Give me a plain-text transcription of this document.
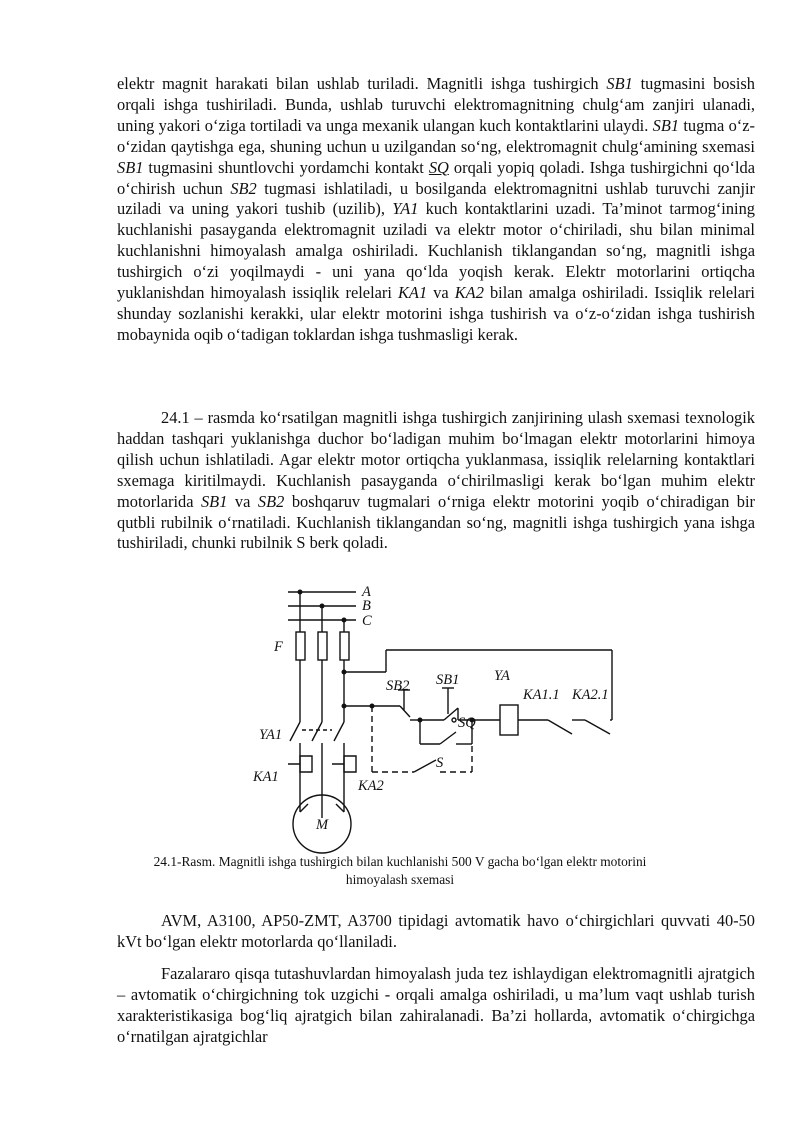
elektr magnit harakati bilan ushlab turiladi. Magnitli ishga tushirgich SB1 tugmasini bosish orqali ishga tushiriladi. Bunda, ushlab turuvchi elektromagnitning chulg‘am zanjiri ulanadi, uning yakori o‘ziga tortiladi va unga mexanik ulangan kuch kontaktlarini ulaydi. SB1 tugma o‘z-o‘zidan qaytishga ega, shuning uchun u uzilgandan so‘ng, elektromagnit chulg‘amining sxemasi SB1 tugmasini shuntlovchi yordamchi kontakt SQ orqali yopiq qoladi. Ishga tushirgichni qo‘lda o‘chirish uchun SB2 tugmasi ishlatiladi, u bosilganda elektromagnitni ushlab turuvchi zanjir uziladi va uning yakori tushib (uzilib), YA1 kuch kontaktlarini uzadi. Ta’minot tarmog‘ining kuchlanishi pasayganda elektromagnit uziladi va elektr motor o‘chiriladi, shu bilan minimal kuchlanishni himoyalash amalga oshiriladi. Kuchlanish tiklangandan so‘ng, magnitli ishga tushirgich o‘zi yoqilmaydi - uni yana qo‘lda yoqish kerak. Elektr motorlarini ortiqcha yuklanishdan himoyalash issiqlik relelari KA1 va KA2 bilan amalga oshiriladi. Issiqlik relelari shunday sozlanishi kerakki, ular elektr motorini ishga tushirish va o‘z-o‘zidan ishga tushirish mobaynida oqib o‘tadigan toklardan ishga tushmasligi kerak.

24.1 – rasmda ko‘rsatilgan magnitli ishga tushirgich zanjirining ulash sxemasi texnologik haddan tashqari yuklanishga duchor bo‘ladigan muhim bo‘lmagan elektr motorlarini himoya qilish uchun ishlatiladi. Agar elektr motor ortiqcha yuklanmasa, issiqlik relelarning kontaktlari sxemaga kiritilmaydi. Kuchlanish pasayganda o‘chirilmasligi kerak bo‘lgan muhim elektr motorlarida SB1 va SB2 boshqaruv tugmalari o‘rniga elektr motorini yoqib o‘chiradigan bir qutbli rubilnik o‘rnatiladi. Kuchlanish tiklangandan so‘ng, magnitli ishga tushirgich yana ishga tushiriladi, chunki rubilnik S berk qoladi.

A
B
C
F
SB2 SB1 YA
KA1.1 KA2.1
SQ
YA1
KA1
KA2
S
M

24.1-Rasm. Magnitli ishga tushirgich bilan kuchlanishi 500 V gacha bo‘lgan elektr motorini
himoyalash sxemasi

AVM, A3100, AP50-ZMT, A3700 tipidagi avtomatik havo o‘chirgichlari quvvati 40-50 kVt bo‘lgan elektr motorlarda qo‘llaniladi.

Fazalararo qisqa tutashuvlardan himoyalash juda tez ishlaydigan elektromagnitli ajratgich – avtomatik o‘chirgichning tok uzgichi - orqali amalga oshiriladi, u ma’lum vaqt ushlab turish xarakteristikasiga bog‘liq ajratgich bilan zahiralanadi. Ba’zi hollarda, avtomatik o‘chirgichga o‘rnatilgan ajratgichlar
